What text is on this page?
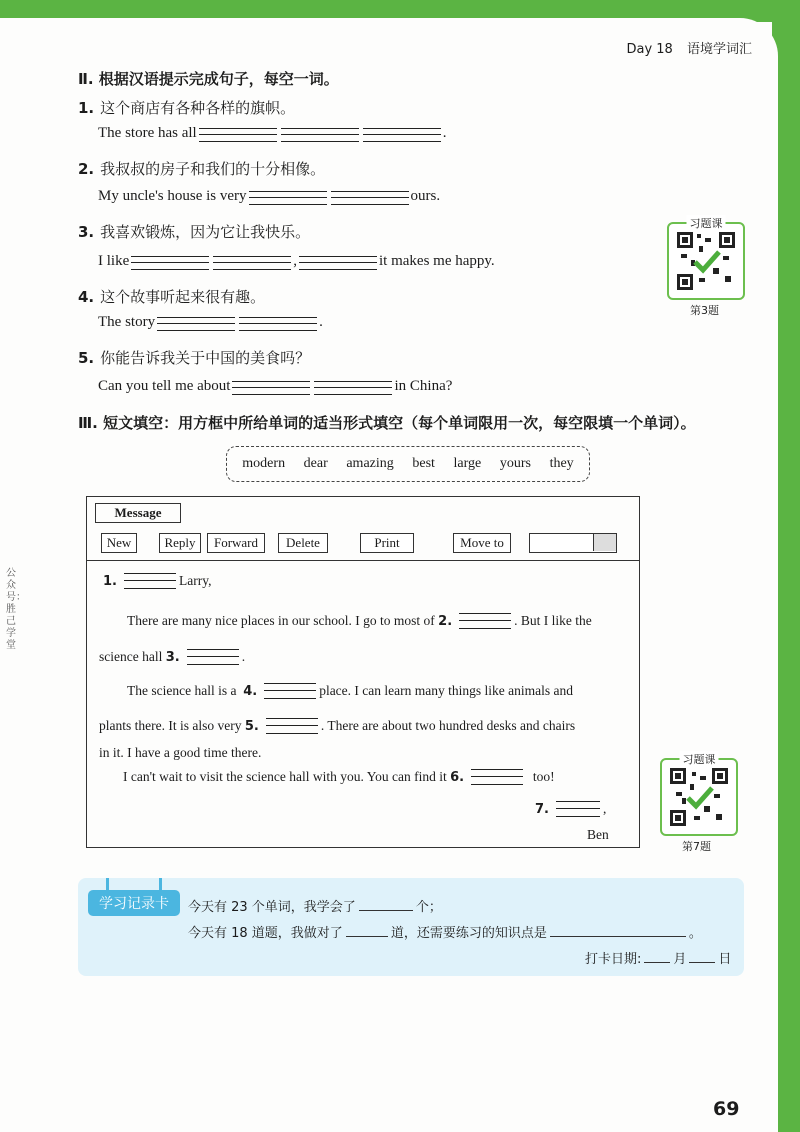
Day 18 语境学词汇
公众号：胜己学堂
Ⅱ. 根据汉语提示完成句子，每空一词。
1. 这个商店有各种各样的旗帜。
The store has all	.
2. 我叔叔的房子和我们的十分相像。
My uncle's house is very	ours.
3. 我喜欢锻炼，因为它让我快乐。
I like	,	it makes me happy.
4. 这个故事听起来很有趣。
The story	.
5. 你能告诉我关于中国的美食吗？
Can you tell me about	in China?
习题课
第3题
Ⅲ. 短文填空：用方框中所给单词的适当形式填空（每个单词限用一次，每空限填一个单词）。
modern dear amazing best large yours they
Message
New	Reply	Forward	Delete	Print	Move to
1.	Larry,
There are many nice places in our school. I go to most of
2.	. But I like the
science hall
3.	.
The science hall is a
4.	place. I can learn many things like animals and
plants there. It is also very
5.	. There are about two hundred desks and chairs
in it. I have a good time there.
I can't wait to visit the science hall with you. You can find it
6.
	too!
7.	,
Ben
习题课
第7题
学习记录卡	今天有 23 个单词，我学会了	个；
今天有 18 道题，我做对了	道，还需要练习的知识点是	。
打卡日期: 月 日
69
